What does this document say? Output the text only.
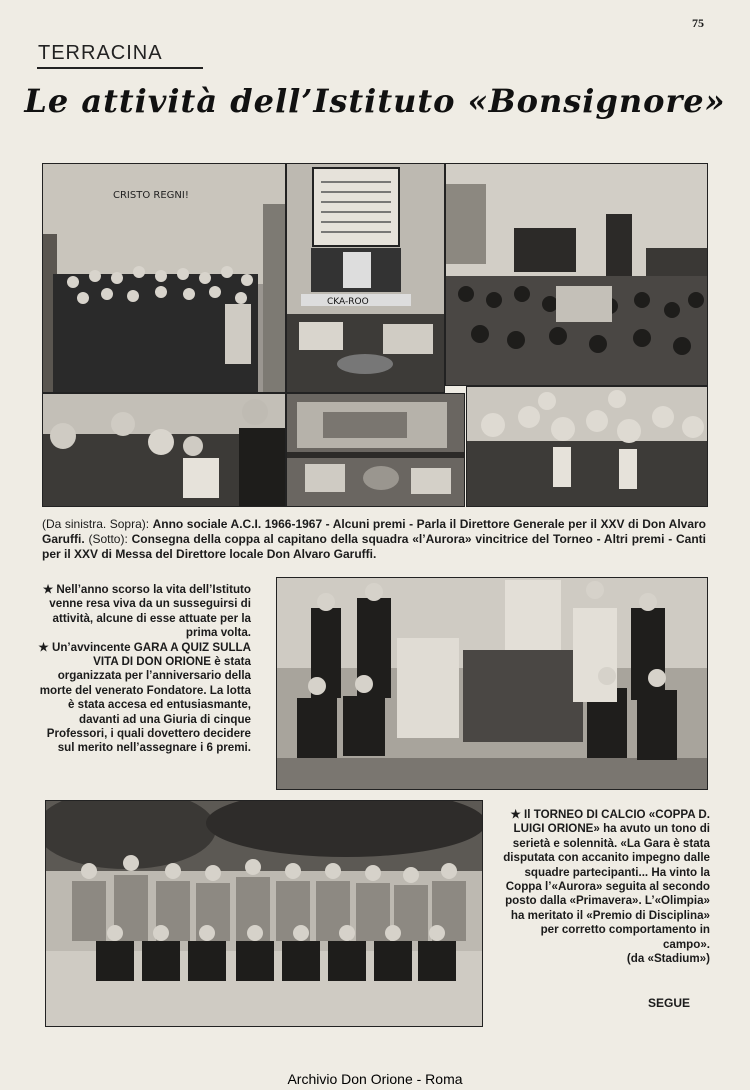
75
TERRACINA
Le attività dell’Istituto «Bonsignore»
CRISTO REGNI!
CKA-ROO
(Da sinistra. Sopra): Anno sociale A.C.I. 1966-1967 - Alcuni premi - Parla il Direttore Generale per il XXV di Don Alvaro Garuffi. (Sotto): Consegna della coppa al capitano della squadra «l’Aurora» vincitrice del Torneo - Altri premi - Canti per il XXV di Messa del Direttore locale Don Alvaro Garuffi.

★ Nell’anno scorso la vita dell’Istituto venne resa viva da un susseguirsi di attività, alcune di esse attuate per la prima volta.

★ Un’avvincente GARA A QUIZ SULLA VITA DI DON ORIONE è stata organizzata per l’anniversario della morte del venerato Fondatore. La lotta è stata accesa ed entusiasmante, davanti ad una Giuria di cinque Professori, i quali dovettero decidere sul merito nell’assegnare i 6 premi.

★ Il TORNEO DI CALCIO «COPPA D. LUIGI ORIONE» ha avuto un tono di serietà e solennità. «La Gara è stata disputata con accanito impegno dalle squadre partecipanti... Ha vinto la Coppa l’«Aurora» seguita al secondo posto dalla «Primavera». L’«Olimpia» ha meritato il «Premio di Disciplina» per corretto comportamento in campo».

(da «Stadium»)

SEGUE
Archivio Don Orione - Roma
